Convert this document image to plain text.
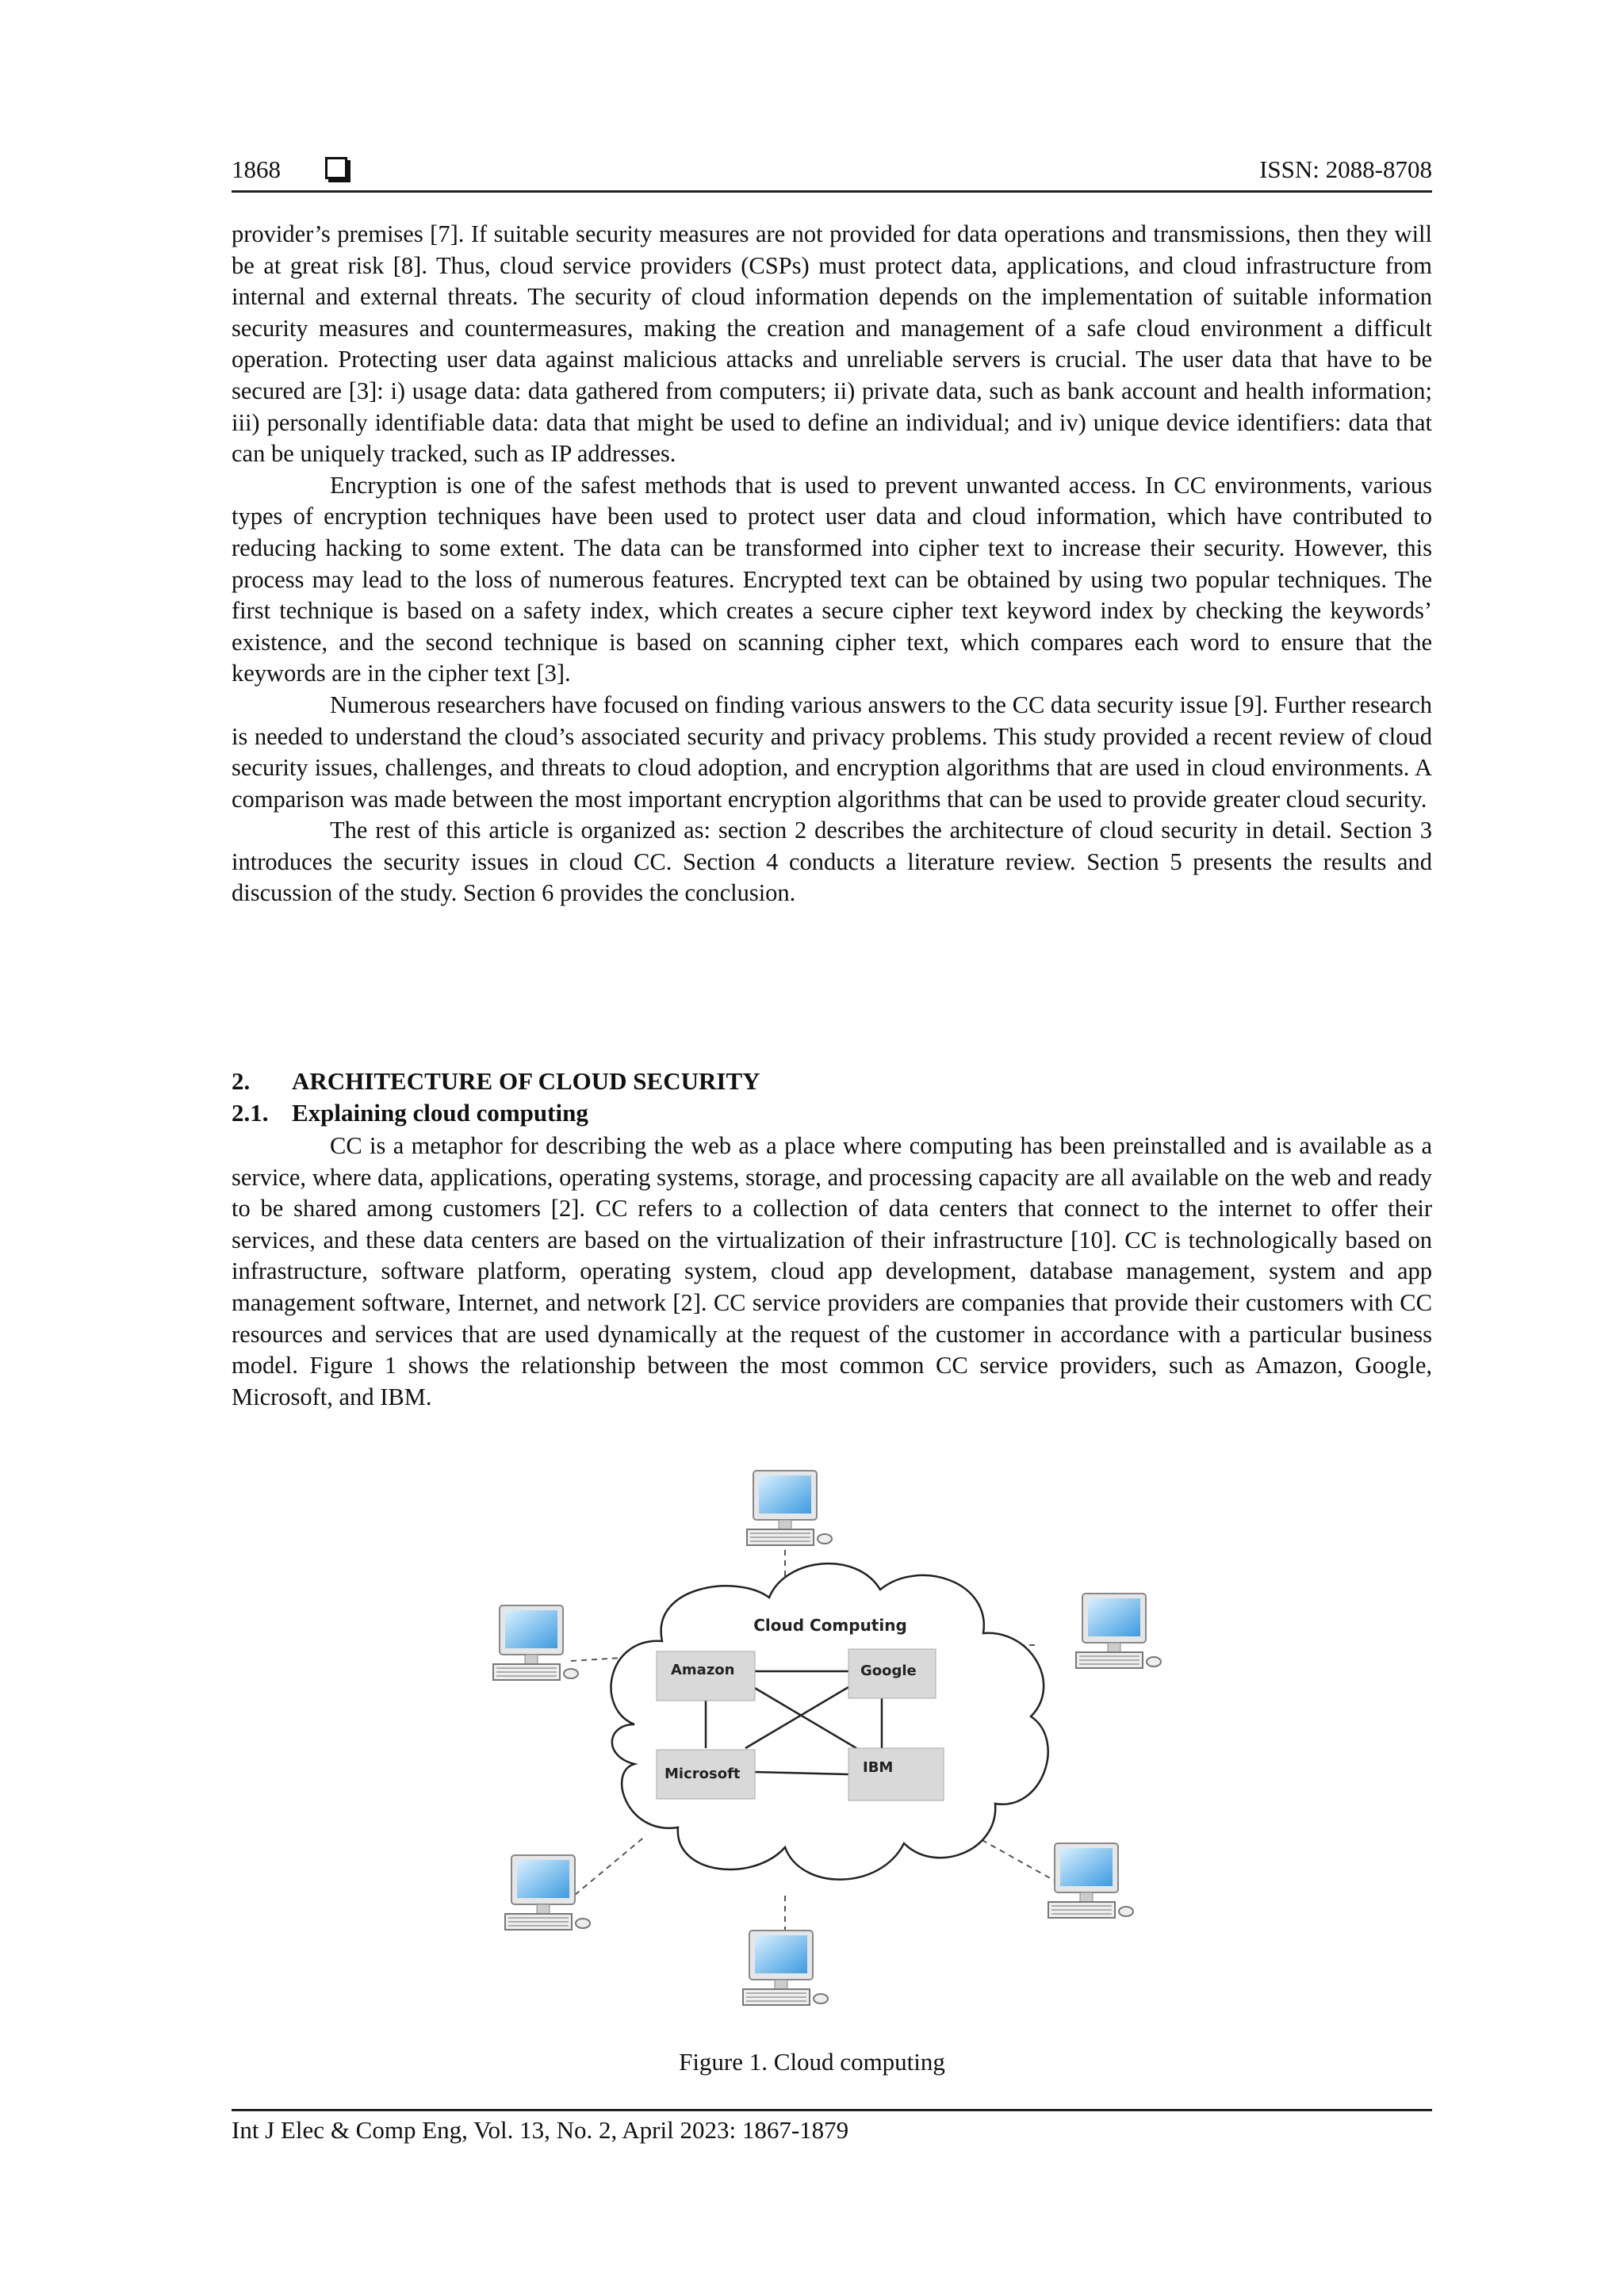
1868	ISSN: 2088-8708

provider’s premises [7]. If suitable security measures are not provided for data operations and transmissions, then they will be at great risk [8]. Thus, cloud service providers (CSPs) must protect data, applications, and cloud infrastructure from internal and external threats. The security of cloud information depends on the implementation of suitable information security measures and countermeasures, making the creation and management of a safe cloud environment a difficult operation. Protecting user data against malicious attacks and unreliable servers is crucial. The user data that have to be secured are [3]: i) usage data: data gathered from computers; ii) private data, such as bank account and health information; iii) personally identifiable data: data that might be used to define an individual; and iv) unique device identifiers: data that can be uniquely tracked, such as IP addresses.

Encryption is one of the safest methods that is used to prevent unwanted access. In CC environments, various types of encryption techniques have been used to protect user data and cloud information, which have contributed to reducing hacking to some extent. The data can be transformed into cipher text to increase their security. However, this process may lead to the loss of numerous features. Encrypted text can be obtained by using two popular techniques. The first technique is based on a safety index, which creates a secure cipher text keyword index by checking the keywords’ existence, and the second technique is based on scanning cipher text, which compares each word to ensure that the keywords are in the cipher text [3].

Numerous researchers have focused on finding various answers to the CC data security issue [9]. Further research is needed to understand the cloud’s associated security and privacy problems. This study provided a recent review of cloud security issues, challenges, and threats to cloud adoption, and encryption algorithms that are used in cloud environments. A comparison was made between the most important encryption algorithms that can be used to provide greater cloud security.

The rest of this article is organized as: section 2 describes the architecture of cloud security in detail. Section 3 introduces the security issues in cloud CC. Section 4 conducts a literature review. Section 5 presents the results and discussion of the study. Section 6 provides the conclusion.

2. ARCHITECTURE OF CLOUD SECURITY
2.1. Explaining cloud computing

CC is a metaphor for describing the web as a place where computing has been preinstalled and is available as a service, where data, applications, operating systems, storage, and processing capacity are all available on the web and ready to be shared among customers [2]. CC refers to a collection of data centers that connect to the internet to offer their services, and these data centers are based on the virtualization of their infrastructure [10]. CC is technologically based on infrastructure, software platform, operating system, cloud app development, database management, system and app management software, Internet, and network [2]. CC service providers are companies that provide their customers with CC resources and services that are used dynamically at the request of the customer in accordance with a particular business model. Figure 1 shows the relationship between the most common CC service providers, such as Amazon, Google, Microsoft, and IBM.

Cloud Computing
Amazon	Google
Microsoft	IBM
Figure 1. Cloud computing
Int J Elec & Comp Eng, Vol. 13, No. 2, April 2023: 1867-1879
